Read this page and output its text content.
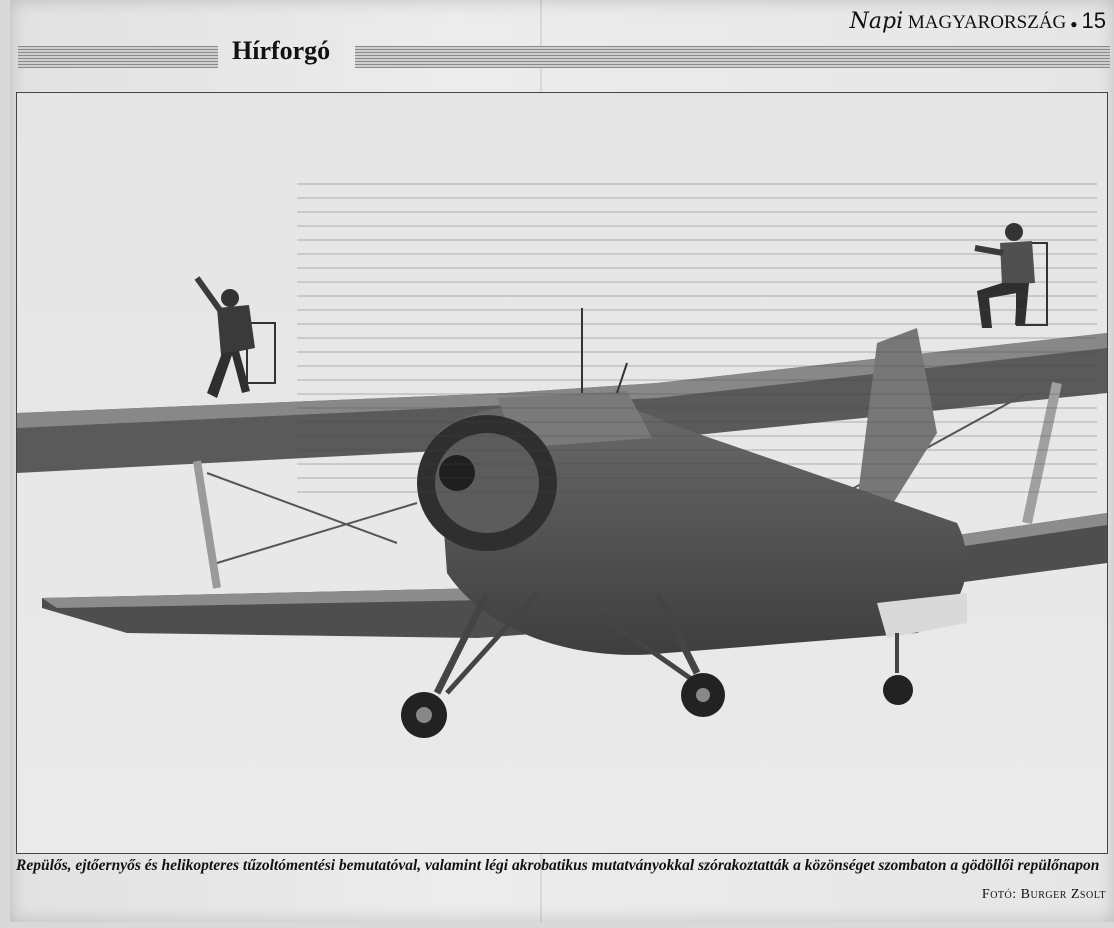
Napi MAGYARORSZÁG ● 15
Hírforgó
Repülős, ejtőernyős és helikopteres tűzoltómentési bemutatóval, valamint légi akrobatikus mutatványokkal szórakoztatták a közönséget szombaton a gödöllői repülőnapon
Fotó: Burger Zsolt
